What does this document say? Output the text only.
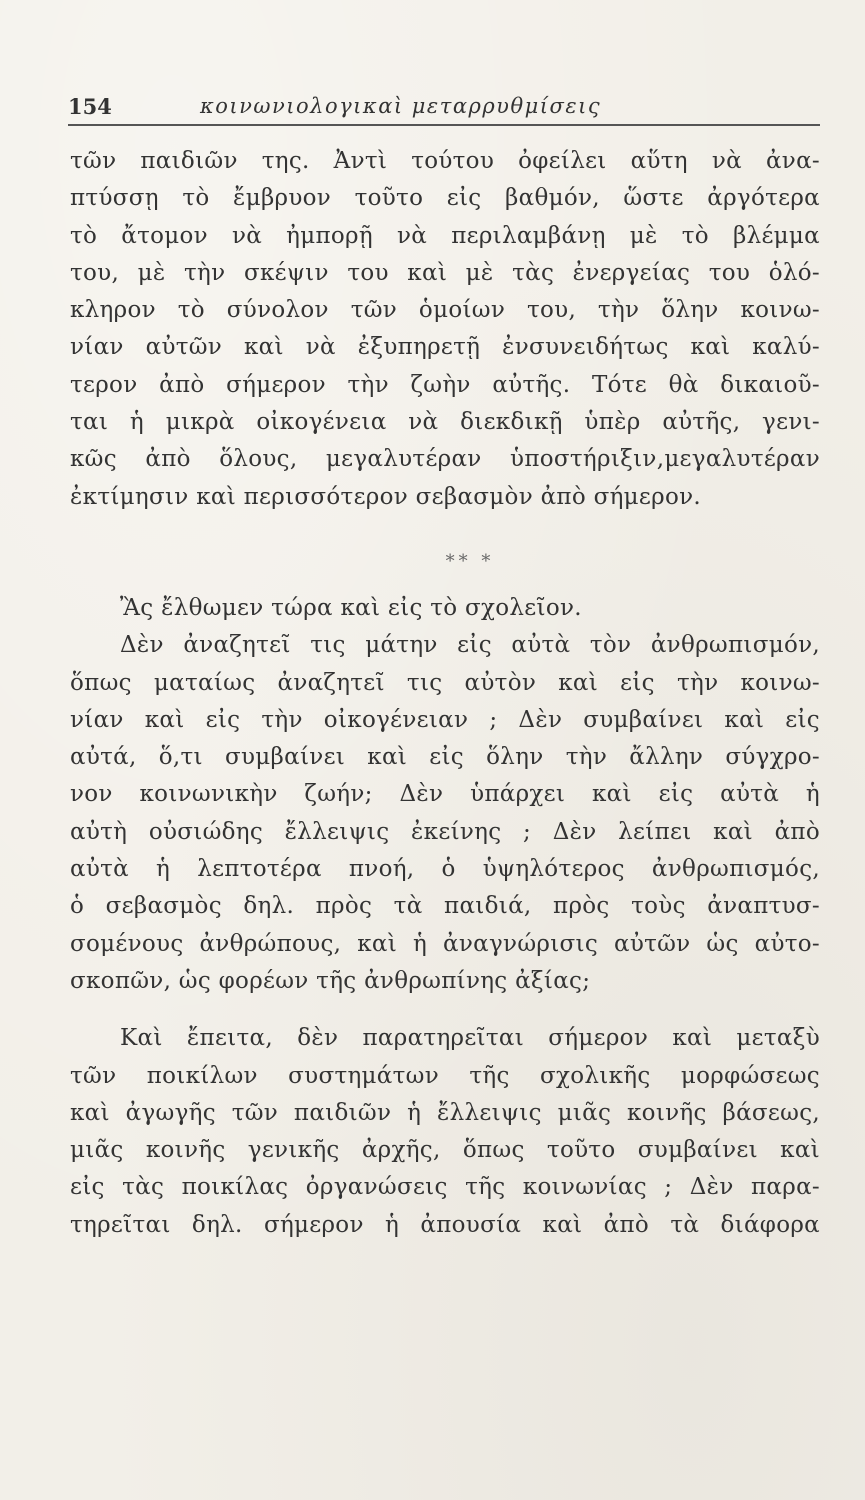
154	κοινωνιολογικαὶ μεταρρυθμίσεις
τῶν παιδιῶν της. Ἀντὶ τούτου ὀφείλει αὕτη νὰ ἀνα-
πτύσσῃ τὸ ἔμβρυον τοῦτο εἰς βαθμόν, ὥστε ἀργότερα
τὸ ἄτομον νὰ ἠμπορῇ νὰ περιλαμβάνῃ μὲ τὸ βλέμμα
του, μὲ τὴν σκέψιν του καὶ μὲ τὰς ἐνεργείας του ὁλό-
κληρον τὸ σύνολον τῶν ὁμοίων του, τὴν ὅλην κοινω-
νίαν αὐτῶν καὶ νὰ ἐξυπηρετῇ ἐνσυνειδήτως καὶ καλύ-
τερον ἀπὸ σήμερον τὴν ζωὴν αὐτῆς. Τότε θὰ δικαιοῦ-
ται ἡ μικρὰ οἰκογένεια νὰ διεκδικῇ ὑπὲρ αὐτῆς, γενι-
κῶς ἀπὸ ὅλους, μεγαλυτέραν ὑποστήριξιν,μεγαλυτέραν
ἐκτίμησιν καὶ περισσότερον σεβασμὸν ἀπὸ σήμερον.
** *
Ἂς ἔλθωμεν τώρα καὶ εἰς τὸ σχολεῖον.
Δὲν ἀναζητεῖ τις μάτην εἰς αὐτὰ τὸν ἀνθρωπισμόν,
ὅπως ματαίως ἀναζητεῖ τις αὐτὸν καὶ εἰς τὴν κοινω-
νίαν καὶ εἰς τὴν οἰκογένειαν ; Δὲν συμβαίνει καὶ εἰς
αὐτά, ὅ,τι συμβαίνει καὶ εἰς ὅλην τὴν ἄλλην σύγχρο-
νον κοινωνικὴν ζωήν; Δὲν ὑπάρχει καὶ εἰς αὐτὰ ἡ
αὐτὴ οὐσιώδης ἔλλειψις ἐκείνης ; Δὲν λείπει καὶ ἀπὸ
αὐτὰ ἡ λεπτοτέρα πνοή, ὁ ὑψηλότερος ἀνθρωπισμός,
ὁ σεβασμὸς δηλ. πρὸς τὰ παιδιά, πρὸς τοὺς ἀναπτυσ-
σομένους ἀνθρώπους, καὶ ἡ ἀναγνώρισις αὐτῶν ὡς αὐτο-
σκοπῶν, ὡς φορέων τῆς ἀνθρωπίνης ἀξίας;
Καὶ ἔπειτα, δὲν παρατηρεῖται σήμερον καὶ μεταξὺ
τῶν ποικίλων συστημάτων τῆς σχολικῆς μορφώσεως
καὶ ἀγωγῆς τῶν παιδιῶν ἡ ἔλλειψις μιᾶς κοινῆς βάσεως,
μιᾶς κοινῆς γενικῆς ἀρχῆς, ὅπως τοῦτο συμβαίνει καὶ
εἰς τὰς ποικίλας ὀργανώσεις τῆς κοινωνίας ; Δὲν παρα-
τηρεῖται δηλ. σήμερον ἡ ἀπουσία καὶ ἀπὸ τὰ διάφορα
